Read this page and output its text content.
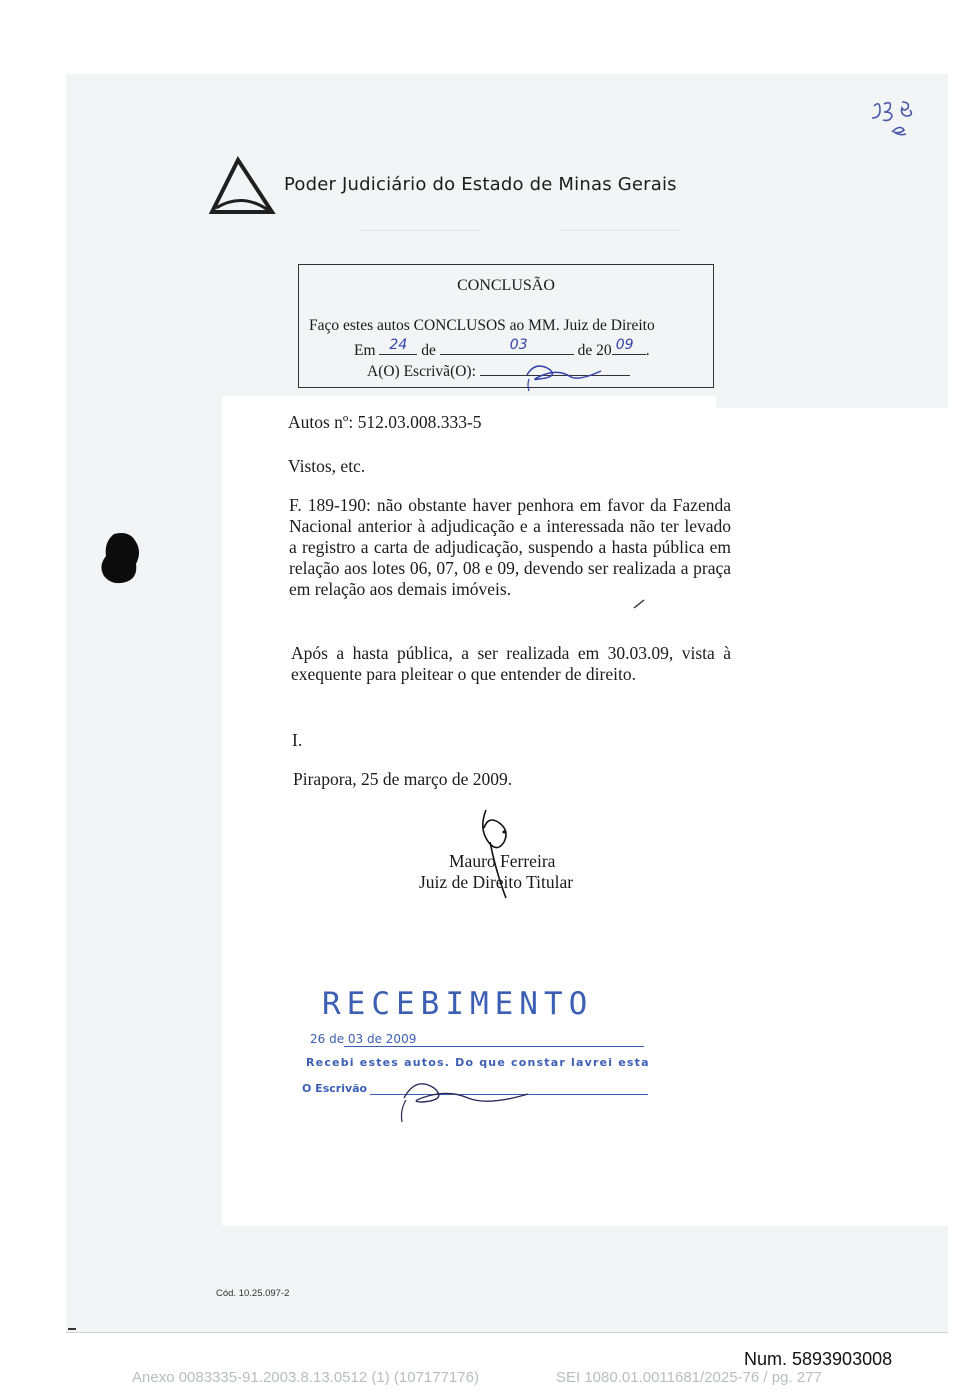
Poder Judiciário do Estado de Minas Gerais
CONCLUSÃO
Faço estes autos CONCLUSOS ao MM. Juiz de Direito
Em 24 de	03	de 20 09 .
A(O) Escrivã(O):
Autos nº: 512.03.008.333-5
Vistos, etc.
F. 189-190: não obstante haver penhora em favor da Fazenda Nacional anterior à adjudicação e a interessada não ter levado a registro a carta de adjudicação, suspendo a hasta pública em relação aos lotes 06, 07, 08 e 09, devendo ser realizada a praça em relação aos demais imóveis.
Após a hasta pública, a ser realizada em 30.03.09, vista à exequente para pleitear o que entender de direito.
I.
Pirapora, 25 de março de 2009.
Mauro Ferreira
Juiz de Direito Titular
RECEBIMENTO
26 de 03 de 2009
Recebi estes autos. Do que constar lavrei esta
O Escrivão
Cód. 10.25.097-2
Num. 5893903008
Anexo 0083335-91.2003.8.13.0512 (1) (107177176)	SEI 1080.01.0011681/2025-76 / pg. 277
